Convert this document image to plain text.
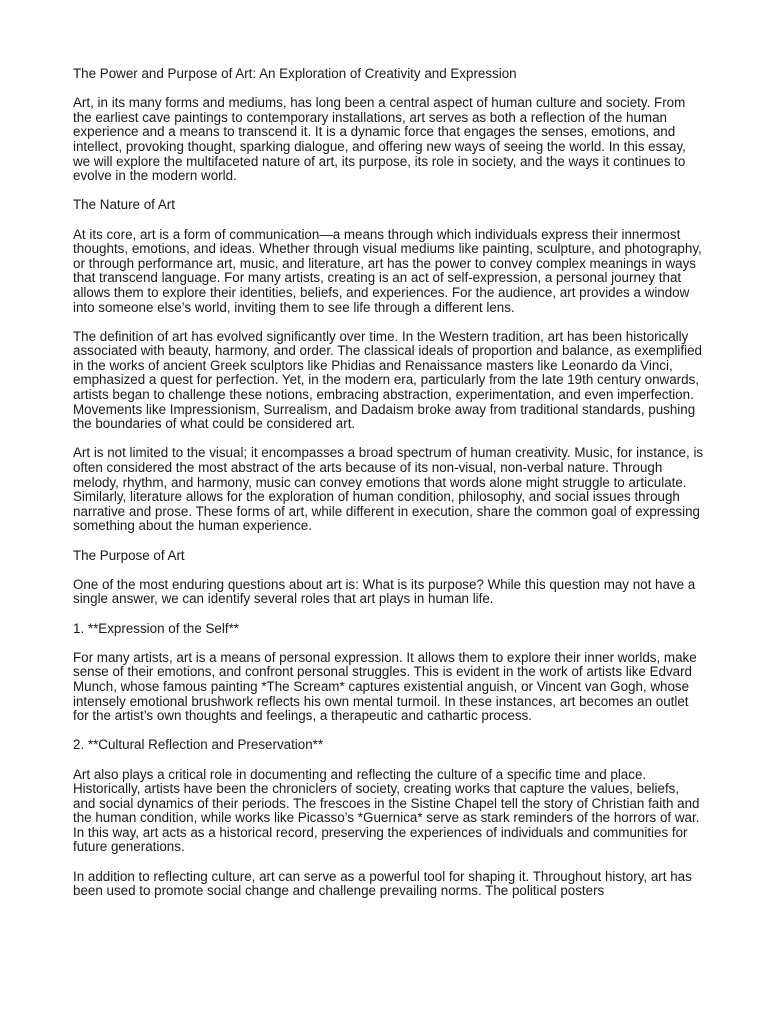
The Power and Purpose of Art: An Exploration of Creativity and Expression

Art, in its many forms and mediums, has long been a central aspect of human culture and society. From the earliest cave paintings to contemporary installations, art serves as both a reflection of the human experience and a means to transcend it. It is a dynamic force that engages the senses, emotions, and intellect, provoking thought, sparking dialogue, and offering new ways of seeing the world. In this essay, we will explore the multifaceted nature of art, its purpose, its role in society, and the ways it continues to evolve in the modern world.

The Nature of Art

At its core, art is a form of communication—a means through which individuals express their innermost thoughts, emotions, and ideas. Whether through visual mediums like painting, sculpture, and photography, or through performance art, music, and literature, art has the power to convey complex meanings in ways that transcend language. For many artists, creating is an act of self-expression, a personal journey that allows them to explore their identities, beliefs, and experiences. For the audience, art provides a window into someone else’s world, inviting them to see life through a different lens.

The definition of art has evolved significantly over time. In the Western tradition, art has been historically associated with beauty, harmony, and order. The classical ideals of proportion and balance, as exemplified in the works of ancient Greek sculptors like Phidias and Renaissance masters like Leonardo da Vinci, emphasized a quest for perfection. Yet, in the modern era, particularly from the late 19th century onwards, artists began to challenge these notions, embracing abstraction, experimentation, and even imperfection. Movements like Impressionism, Surrealism, and Dadaism broke away from traditional standards, pushing the boundaries of what could be considered art.

Art is not limited to the visual; it encompasses a broad spectrum of human creativity. Music, for instance, is often considered the most abstract of the arts because of its non-visual, non-verbal nature. Through melody, rhythm, and harmony, music can convey emotions that words alone might struggle to articulate. Similarly, literature allows for the exploration of human condition, philosophy, and social issues through narrative and prose. These forms of art, while different in execution, share the common goal of expressing something about the human experience.

The Purpose of Art

One of the most enduring questions about art is: What is its purpose? While this question may not have a single answer, we can identify several roles that art plays in human life.

1. **Expression of the Self**

For many artists, art is a means of personal expression. It allows them to explore their inner worlds, make sense of their emotions, and confront personal struggles. This is evident in the work of artists like Edvard Munch, whose famous painting *The Scream* captures existential anguish, or Vincent van Gogh, whose intensely emotional brushwork reflects his own mental turmoil. In these instances, art becomes an outlet for the artist’s own thoughts and feelings, a therapeutic and cathartic process.

2. **Cultural Reflection and Preservation**

Art also plays a critical role in documenting and reflecting the culture of a specific time and place. Historically, artists have been the chroniclers of society, creating works that capture the values, beliefs, and social dynamics of their periods. The frescoes in the Sistine Chapel tell the story of Christian faith and the human condition, while works like Picasso’s *Guernica* serve as stark reminders of the horrors of war. In this way, art acts as a historical record, preserving the experiences of individuals and communities for future generations.

In addition to reflecting culture, art can serve as a powerful tool for shaping it. Throughout history, art has been used to promote social change and challenge prevailing norms. The political posters
